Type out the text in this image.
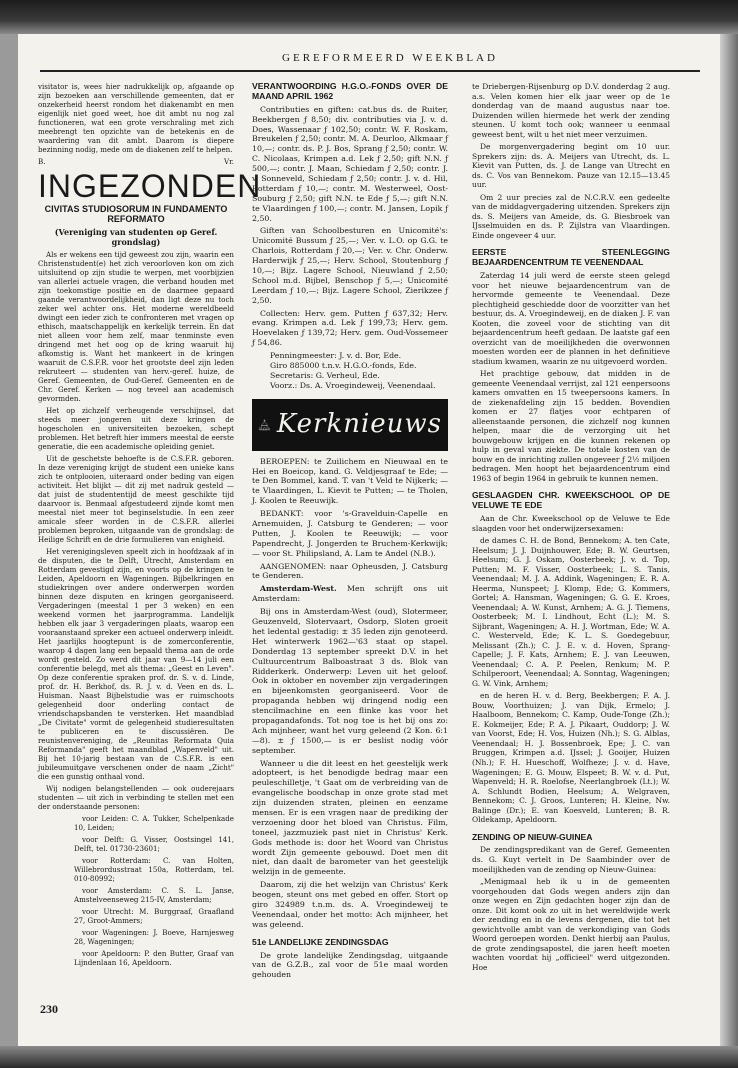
GEREFORMEERD WEEKBLAD

visitator is, wees hier nadrukkelijk op, afgaande op zijn bezoeken aan verschillende gemeenten, dat er onzekerheid heerst rondom het diakenambt en men eigenlijk niet goed weet, hoe dit ambt nu nog zal functioneren, wat een grote verschraling met zich meebrengt ten opzichte van de betekenis en de waardering van dit ambt. Daarom is diepere bezinning nodig, mede om de diakenen zelf te helpen.

B.	Vr.
INGEZONDEN
CIVITAS STUDIOSORUM IN FUNDAMENTO REFORMATO
(Vereniging van studenten op Geref. grondslag)

Als er wekens een tijd geweest zou zijn, waarin een Christenstudent(e) het zich veroorloven kon om zich uitsluitend op zijn studie te werpen, met voorbijzien van allerlei actuele vragen, die verband houden met zijn toekomstige positie en de daarmee gepaard gaande verantwoordelijkheid, dan ligt deze nu toch zeker wel achter ons. Het moderne wereldbeeld dwingt een ieder zich te confronteren met vragen op ethisch, maatschappelijk en kerkelijk terrein. En dat niet alleen voor hem zelf, maar tenminste even dringend met het oog op de kring waaruit hij afkomstig is. Want het mankeert in de kringen waaruit de C.S.F.R. voor het grootste deel zijn leden rekruteert — studenten van herv.-geref. huize, de Geref. Gemeenten, de Oud-Geref. Gemeenten en de Chr. Geref. Kerken — nog teveel aan academisch gevormden.

Het op zichzelf verheugende verschijnsel, dat steeds meer jongeren uit deze kringen de hogescholen en universiteiten bezoeken, schept problemen. Het betreft hier immers meestal de eerste generatie, die een academische opleiding geniet.

Uit de geschetste behoefte is de C.S.F.R. geboren. In deze vereniging krijgt de student een unieke kans zich te ontplooien, uiteraard onder beding van eigen activiteit. Het blijkt — dit zij met nadruk gesteld — dat juist de studententijd de meest geschikte tijd daarvoor is. Benmaal afgestudeerd zijnde komt men meestal niet meer tot beginselstudie. In een zeer amicale sfeer worden in de C.S.F.R. allerlei problemen beproken, uitgaande van de grondslag: de Heilige Schrift en de drie formulieren van enigheid.

Het verenigingsleven speelt zich in hoofdzaak af in de disputen, die te Delft, Utrecht, Amsterdam en Rotterdam gevestigd zijn, en voorts op de kringen te Leiden, Apeldoorn en Wageningen. Bijbelkringen en studiekringen over andere onderwerpen worden binnen deze disputen en kringen georganiseerd. Vergaderingen (meestal 1 per 3 weken) en een weekend vormen het jaarprogramma. Landelijk hebben elk jaar 3 vergaderingen plaats, waarop een vooraanstaand spreker een actueel onderwerp inleidt. Het jaarlijks hoogtepunt is de zomerconferentie, waarop 4 dagen lang een bepaald thema aan de orde wordt gesteld. Zo werd dit jaar van 9—14 juli een conferentie belegd, met als thema: „Geest en Leven". Op deze conferentie spraken prof. dr. S. v. d. Linde, prof. dr. H. Berkhof, ds. R. J. v. d. Veen en ds. L. Huisman. Naast Bijbelstudie was er ruimschoots gelegenheid door onderling contact de vriendschapsbanden te versterken. Het maandblad „De Civitate" vormt de gelegenheid studieresultaten te publiceren en te discussiëren. De reunistenvereniging, de „Reunitas Reformata Quia Reformanda" geeft het maandblad „Wapenveld" uit. Bij het 10-jarig bestaan van de C.S.F.R. is een jubileumuitgave verschenen onder de naam „Zicht" die een gunstig onthaal vond.

Wij nodigen belangstellenden — ook ouderejaars studenten — uit zich in verbinding te stellen met een der onderstaande personen:

voor Leiden: C. A. Tukker, Schelpenkade 10, Leiden;

voor Delft: G. Visser, Oostsingel 141, Delft, tel. 01730-23601;

voor Rotterdam: C. van Holten, Willebrordusstraat 150a, Rotterdam, tel. 010-80992;

voor Amsterdam: C. S. L. Janse, Amstelveenseweg 215-IV, Amsterdam;

voor Utrecht: M. Burggraaf, Graafland 27, Groot-Ammers;

voor Wageningen: J. Boeve, Harnjesweg 28, Wageningen;

voor Apeldoorn: P. den Butter, Graaf van Lijndenlaan 16, Apeldoorn.

VERANTWOORDING H.G.O.-FONDS OVER DE MAAND APRIL 1962

Contributies en giften: cat.bus ds. de Ruiter, Beekbergen ƒ 8,50; div. contributies via J. v. d. Does, Wassenaar ƒ 102,50; contr. W. F. Roskam, Breukelen ƒ 2,50; contr. M. A. Deurloo, Alkmaar ƒ 10,—; contr. ds. P. J. Bos, Sprang ƒ 2,50; contr. W. C. Nicolaas, Krimpen a.d. Lek ƒ 2,50; gift N.N. ƒ 500,—; contr. J. Maan, Schiedam ƒ 2,50; contr. J. v. Sonneveld, Schiedam ƒ 2,50; contr. J. v. d. Hil, Rotterdam ƒ 10,—; contr. M. Westerweel, Oost-Souburg ƒ 2,50; gift N.N. te Ede ƒ 5,—; gift N.N. te Vlaardingen ƒ 100,—; contr. M. Jansen, Lopik ƒ 2,50.

Giften van Schoolbesturen en Unicomité's: Unicomité Bussum ƒ 25,—; Ver. v. L.O. op G.G. te Charlois, Rotterdam ƒ 20,—; Ver. v. Chr. Onderw. Harderwijk ƒ 25,—; Herv. School, Stoutenburg ƒ 10,—; Bijz. Lagere School, Nieuwland ƒ 2,50; School m.d. Bijbel, Benschop ƒ 5,—; Unicomité Leerdam ƒ 10,—; Bijz. Lagere School, Zierikzee ƒ 2,50.

Collecten: Herv. gem. Putten ƒ 637,32; Herv. evang. Krimpen a.d. Lek ƒ 199,73; Herv. gem. Hoevelaken ƒ 139,72; Herv. gem. Oud-Vossemeer ƒ 54,86.

Penningmeester: J. v. d. Bor, Ede.
Giro 885000 t.n.v. H.G.O.-fonds, Ede.
Secretaris: G. Verheul, Ede.
Voorz.: Ds. A. Vroegindeweij, Veenendaal.
Kerknieuws

BEROEPEN: te Zuilichem en Nieuwaal en te Hei en Boeicop, kand. G. Veldjesgraaf te Ede; — te Den Bommel, kand. T. van 't Veld te Nijkerk; — te Vlaardingen, L. Kievit te Putten; — te Tholen, J. Koolen te Reeuwijk.

BEDANKT: voor 's-Gravelduin-Capelle en Arnemuiden, J. Catsburg te Genderen; — voor Putten, J. Koolen te Reeuwijk; — voor Papendrecht, J. Jongerden te Bruchem-Kerkwijk; — voor St. Philipsland, A. Lam te Andel (N.B.).

AANGENOMEN: naar Opheusden, J. Catsburg te Genderen.

Amsterdam-West. Men schrijft ons uit Amsterdam:

Bij ons in Amsterdam-West (oud), Slotermeer, Geuzenveld, Slotervaart, Osdorp, Sloten groeit het ledental gestadig: ± 35 leden zijn genoteerd. Het winterwerk 1962—'63 staat op stapel. Donderdag 13 september spreekt D.V. in het Cultuurcentrum Balboastraat 3 ds. Blok van Ridderkerk. Onderwerp: Leven uit het geloof. Ook in oktober en november zijn vergaderingen en bijeenkomsten georganiseerd. Voor de propaganda hebben wij dringend nodig een stencilmachine en een flinke kas voor het propagandafonds. Tot nog toe is het bij ons zo: Ach mijnheer, want het vurg geleend (2 Kon. 6:1—8). ± ƒ 1500,— is er beslist nodig vóór september.

Wanneer u die dit leest en het geestelijk werk adopteert, is het benodigde bedrag maar een peuleschilletje, 't Gaat om de verbreiding van de evangelische boodschap in onze grote stad met zijn duizenden straten, pleinen en eenzame mensen. Er is een vragen naar de prediking der verzoening door het bloed van Christus. Film, toneel, jazzmuziek past niet in Christus' Kerk. Gods methode is: door het Woord van Christus wordt Zijn gemeente gebouwd. Doet men dit niet, dan daalt de barometer van het geestelijk welzijn in de gemeente.

Daarom, zij die het welzijn van Christus' Kerk beogen, steunt ons met gebed en offer. Stort op giro 324989 t.n.m. ds. A. Vroegindeweij te Veenendaal, onder het motto: Ach mijnheer, het was geleend.

51e LANDELIJKE ZENDINGSDAG

De grote landelijke Zendingsdag, uitgaande van de G.Z.B., zal voor de 51e maal worden gehouden

te Driebergen-Rijsenburg op D.V. donderdag 2 aug. a.s. Velen komen hier elk jaar weer op de 1e donderdag van de maand augustus naar toe. Duizenden willen hiermede het werk der zending steunen. U komt toch ook; wanneer u eenmaal geweest bent, wilt u het niet meer verzuimen.

De morgenvergadering begint om 10 uur. Sprekers zijn: ds. A. Meijers van Utrecht, ds. L. Kievit van Putten, ds. J. de Lange van Utrecht en ds. C. Vos van Bennekom. Pauze van 12.15—13.45 uur.

Om 2 uur precies zal de N.C.R.V. een gedeelte van de middagvergadering uitzenden. Sprekers zijn ds. S. Meijers van Ameide, ds. G. Biesbroek van IJsselmuiden en ds. P. Zijlstra van Vlaardingen. Einde ongeveer 4 uur.

EERSTE STEENLEGGING BEJAARDENCENTRUM TE VEENENDAAL

Zaterdag 14 juli werd de eerste steen gelegd voor het nieuwe bejaardencentrum van de hervormde gemeente te Veenendaal. Deze plechtigheid geschiedde door de voorzitter van het bestuur, ds. A. Vroegindeweij, en de diaken J. F. van Kooten, die zoveel voor de stichting van dit bejaardencentrum heeft gedaan. De laatste gaf een overzicht van de moeilijkheden die overwonnen moesten worden eer de plannen in het definitieve stadium kwamen, waarin ze nu uitgevoerd worden.

Het prachtige gebouw, dat midden in de gemeente Veenendaal verrijst, zal 121 eenpersoons kamers omvatten en 15 tweepersoons kamers. In de ziekenafdeling zijn 15 bedden. Bovendien komen er 27 flatjes voor echtparen of alleenstaande personen, die zichzelf nog kunnen helpen, maar die de verzorging uit het bouwgebouw krijgen en die kunnen rekenen op hulp in geval van ziekte. De totale kosten van de bouw en de inrichting zullen ongeveer ƒ 2½ miljoen bedragen. Men hoopt het bejaardencentrum eind 1963 of begin 1964 in gebruik te kunnen nemen.

GESLAAGDEN CHR. KWEEKSCHOOL OP DE VELUWE TE EDE

Aan de Chr. Kweekschool op de Veluwe te Ede slaagden voor het onderwijzersexamen:

de dames C. H. de Bond, Bennekom; A. ten Cate, Heelsum; J. J. Duijnhouwer, Ede; B. W. Geurtsen, Heelsum; G. J. Oskam, Oosterbeek; J. v. d. Top, Putten; M. F. Visser, Oosterbeek; L. S. Tanis, Veenendaal; M. J. A. Addink, Wageningen; E. R. A. Heerma, Nunspeet; J. Klomp, Ede; G. Kommers, Gortel; A. Hansman, Wageningen; G. G. E. Kroes, Veenendaal; A. W. Kunst, Arnhem; A. G. J. Tiemens, Oosterbeek; M. I. Lindhout, Echt (L.); M. S. Sijbrant, Wageningen; A. H. J. Wortman, Ede; W. A. C. Westerveld, Ede; K. L. S. Goedegebuur, Melissant (Zh.); C. J. E. v. d. Hoven, Sprang-Capelle; J. F. Kats, Arnhem; E. J. van Leeuwen, Veenendaal; C. A. P. Peelen, Renkum; M. P. Schilperoort, Veenendaal; A. Sonntag, Wageningen; G. W. Vink, Arnhem;

en de heren H. v. d. Berg, Beekbergen; F. A. J. Bouw, Voorthuizen; J. van Dijk, Ermelo; J. Haalboom, Bennekom; C. Kamp, Oude-Tonge (Zh.); E. Kokmeijer, Ede; P. A. J. Pikaart, Ouddorp; J. W. van Voorst, Ede; H. Vos, Huizen (Nh.); S. G. Alblas, Veenendaal; H. J. Bossenbroek, Epe; J. C. van Bruggen, Krimpen a.d. IJssel; J. Gooijer, Huizen (Nh.); F. H. Hueschoff, Wolfheze; J. v. d. Have, Wageningen; E. G. Mouw, Elspeet; B. W. v. d. Put, Wapenveld; H. R. Roelofse, Neerlangbroek (Lt.); W. A. Schlundt Bodien, Heelsum; A. Welgraven, Bennekom; C. J. Groos, Lunteren; H. Kleine, Nw. Balinge (Dr.); E. van Koesveld, Lunteren; B. R. Oldekamp, Apeldoorn.

ZENDING OP NIEUW-GUINEA

De zendingspredikant van de Geref. Gemeenten ds. G. Kuyt vertelt in De Saambinder over de moeilijkheden van de zending op Nieuw-Guinea:

„Menigmaal heb ik u in de gemeenten voorgehouden dat Gods wegen anders zijn dan onze wegen en Zijn gedachten hoger zijn dan de onze. Dit komt ook zo uit in het wereldwijde werk der zending en in de levens dergenen, die tot het gewichtvolle ambt van de verkondiging van Gods Woord geroepen worden. Denkt hierbij aan Paulus, de grote zendingsapostel, die jaren heeft moeten wachten voordat hij „officieel" werd uitgezonden. Hoe

230
